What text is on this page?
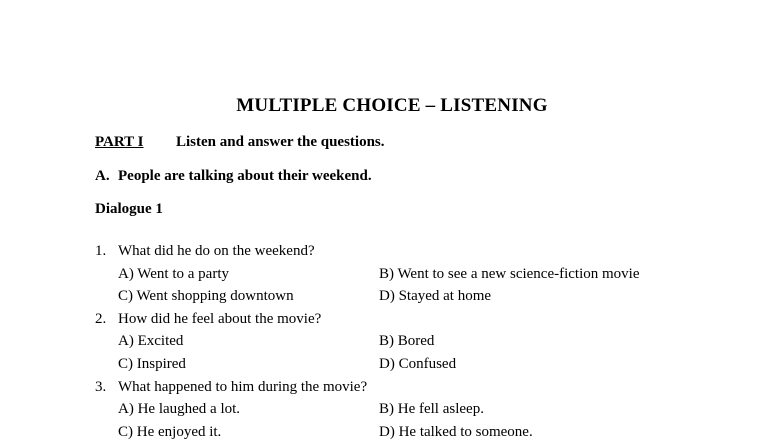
MULTIPLE CHOICE – LISTENING
PART I Listen and answer the questions.
A. People are talking about their weekend.
Dialogue 1
1. What did he do on the weekend?
A) Went to a party	B) Went to see a new science-fiction movie
C) Went shopping downtown	D) Stayed at home
2. How did he feel about the movie?
A) Excited	B) Bored
C) Inspired	D) Confused
3. What happened to him during the movie?
A) He laughed a lot.	B) He fell asleep.
C) He enjoyed it.	D) He talked to someone.
